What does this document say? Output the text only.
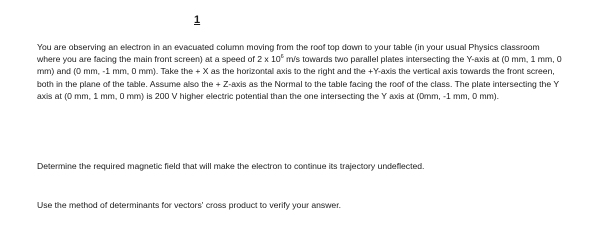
1

You are observing an electron in an evacuated column moving from the roof top down to your table (in your usual Physics classroom where you are facing the main front screen) at a speed of 2 x $10^6$ m/s towards two parallel plates intersecting the Y-axis at (0 mm, 1 mm, 0 mm) and (0 mm, -1 mm, 0 mm). Take the + X as the horizontal axis to the right and the +Y-axis the vertical axis towards the front screen, both in the plane of the table. Assume also the + Z-axis as the Normal to the table facing the roof of the class. The plate intersecting the Y axis at (0 mm, 1 mm, 0 mm) is 200 V higher electric potential than the one intersecting the Y axis at (0mm, -1 mm, 0 mm).

Determine the required magnetic field that will make the electron to continue its trajectory undeflected.

Use the method of determinants for vectors' cross product to verify your answer.
